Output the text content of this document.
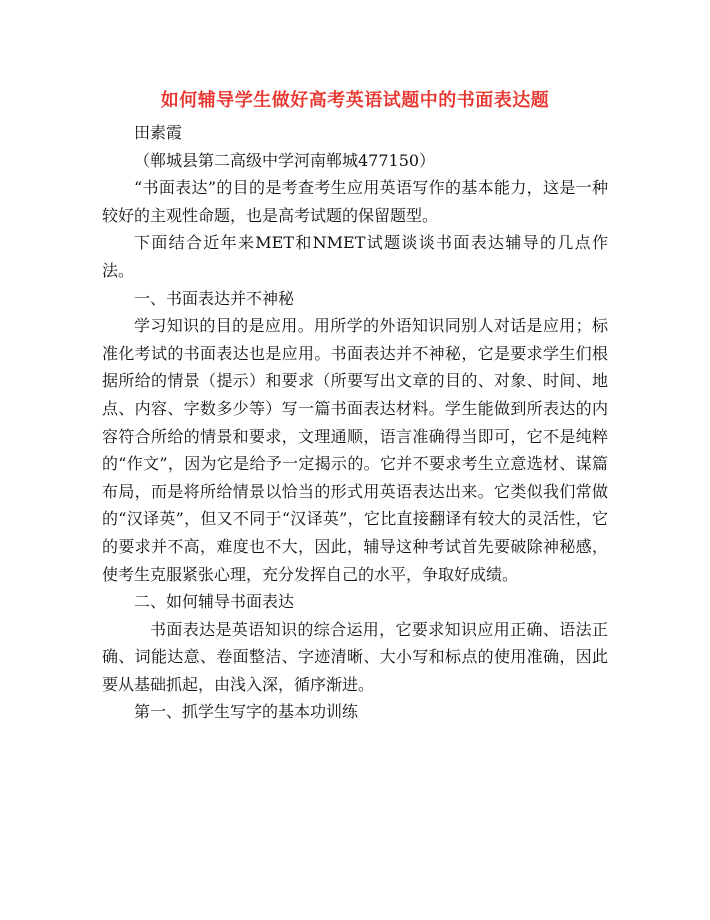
如何辅导学生做好高考英语试题中的书面表达题

田素霞

（郸城县第二高级中学河南郸城477150）

“书面表达”的目的是考查考生应用英语写作的基本能力，这是一种较好的主观性命题，也是高考试题的保留题型。

下面结合近年来MET和NMET试题谈谈书面表达辅导的几点作法。

一、书面表达并不神秘

学习知识的目的是应用。用所学的外语知识同别人对话是应用；标准化考试的书面表达也是应用。书面表达并不神秘，它是要求学生们根据所给的情景（提示）和要求（所要写出文章的目的、对象、时间、地点、内容、字数多少等）写一篇书面表达材料。学生能做到所表达的内容符合所给的情景和要求，文理通顺，语言准确得当即可，它不是纯粹的“作文”，因为它是给予一定揭示的。它并不要求考生立意选材、谋篇布局，而是将所给情景以恰当的形式用英语表达出来。它类似我们常做的“汉译英”，但又不同于“汉译英”，它比直接翻译有较大的灵活性，它的要求并不高，难度也不大，因此，辅导这种考试首先要破除神秘感，使考生克服紧张心理，充分发挥自己的水平，争取好成绩。

二、如何辅导书面表达

书面表达是英语知识的综合运用，它要求知识应用正确、语法正确、词能达意、卷面整洁、字迹清晰、大小写和标点的使用准确，因此要从基础抓起，由浅入深，循序渐进。

第一、抓学生写字的基本功训练
